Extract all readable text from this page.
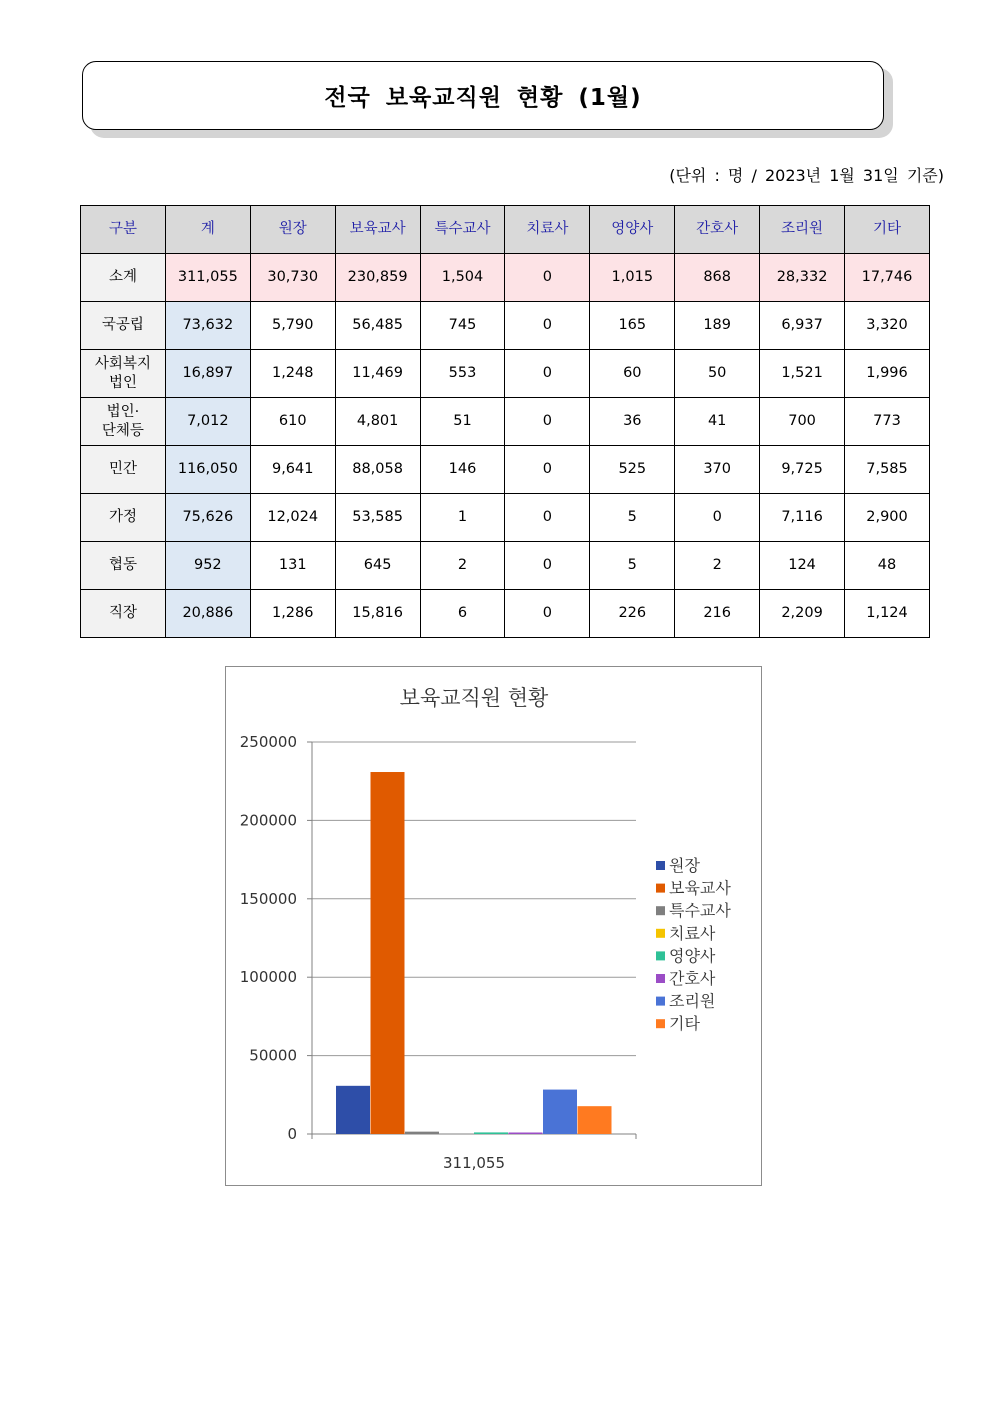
전국 보육교직원 현황 (1월)
(단위 : 명 / 2023년 1월 31일 기준)
구분	계	원장	보육교사	특수교사	치료사	영양사	간호사	조리원	기타

소계	311,055	30,730	230,859	1,504	0	1,015	868	28,332	17,746

국공립	73,632	5,790	56,485	745	0	165	189	6,937	3,320

사회복지
법인	16,897	1,248	11,469	553	0	60	50	1,521	1,996

법인·
단체등	7,012	610	4,801	51	0	36	41	700	773

민간	116,050	9,641	88,058	146	0	525	370	9,725	7,585

가정	75,626	12,024	53,585	1	0	5	0	7,116	2,900

협동	952	131	645	2	0	5	2	124	48

직장	20,886	1,286	15,816	6	0	226	216	2,209	1,124
보육교직원 현황
250000
200000
150000
100000
50000
0
311,055
원장
보육교사
특수교사
치료사
영양사
간호사
조리원
기타
